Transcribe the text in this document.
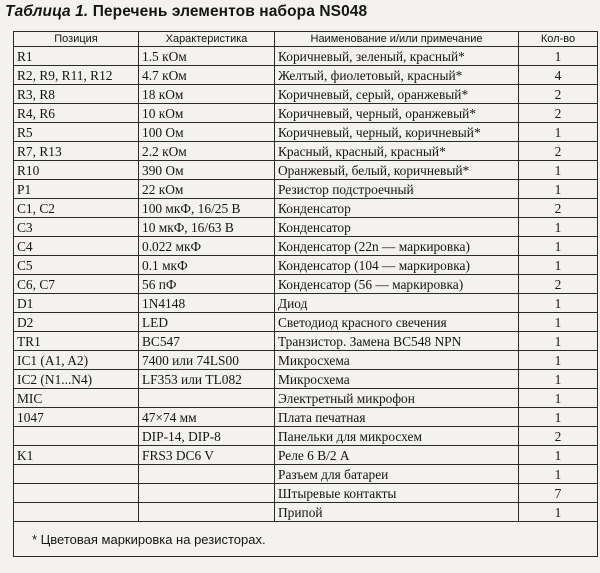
Таблица 1. Перечень элементов набора NS048
Позиция	Характеристика	Наименование и/или примечание	Кол-во
R1	1.5 кОм	Коричневый, зеленый, красный*	1
R2, R9, R11, R12	4.7 кОм	Желтый, фиолетовый, красный*	4
R3, R8	18 кОм	Коричневый, серый, оранжевый*	2
R4, R6	10 кОм	Коричневый, черный, оранжевый*	2
R5	100 Ом	Коричневый, черный, коричневый*	1
R7, R13	2.2 кОм	Красный, красный, красный*	2
R10	390 Ом	Оранжевый, белый, коричневый*	1
P1	22 кОм	Резистор подстроечный	1
C1, C2	100 мкФ, 16/25 В	Конденсатор	2
C3	10 мкФ, 16/63 В	Конденсатор	1
C4	0.022 мкФ	Конденсатор (22n — маркировка)	1
C5	0.1 мкФ	Конденсатор (104 — маркировка)	1
C6, C7	56 пФ	Конденсатор (56 — маркировка)	2
D1	1N4148	Диод	1
D2	LED	Светодиод красного свечения	1
TR1	BC547	Транзистор. Замена BC548 NPN	1
IC1 (A1, A2)	7400 или 74LS00	Микросхема	1
IC2 (N1...N4)	LF353 или TL082	Микросхема	1
MIC		Электретный микрофон	1
1047	47×74 мм	Плата печатная	1
	DIP-14, DIP-8	Панельки для микросхем	2
K1	FRS3 DC6 V	Реле 6 В/2 А	1
		Разъем для батареи	1
		Штыревые контакты	7
		Припой	1
* Цветовая маркировка на резисторах.			
